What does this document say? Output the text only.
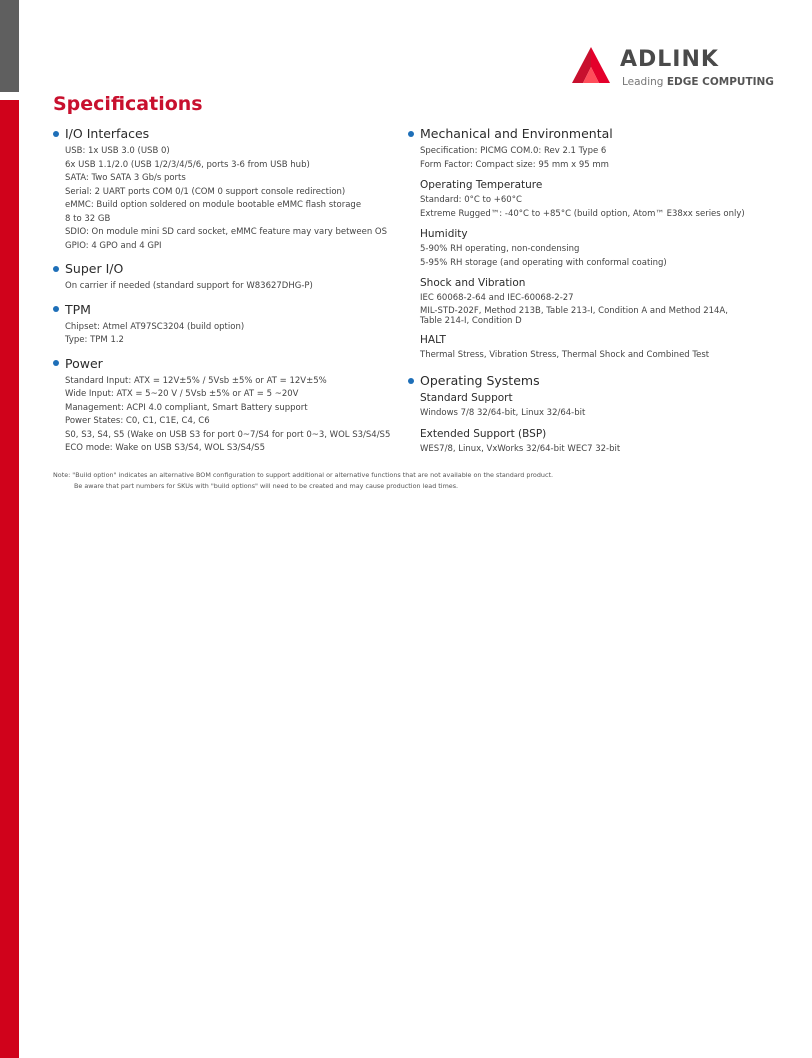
ADLINK
Leading EDGE COMPUTING
Specifications
I/O Interfaces
USB: 1x USB 3.0 (USB 0)
6x USB 1.1/2.0 (USB 1/2/3/4/5/6, ports 3-6 from USB hub)
SATA: Two SATA 3 Gb/s ports
Serial: 2 UART ports COM 0/1 (COM 0 support console redirection)
eMMC: Build option soldered on module bootable eMMC flash storage
8 to 32 GB
SDIO: On module mini SD card socket, eMMC feature may vary between OS
GPIO: 4 GPO and 4 GPI
Super I/O
On carrier if needed (standard support for W83627DHG-P)
TPM
Chipset: Atmel AT97SC3204 (build option)
Type: TPM 1.2
Power
Standard Input: ATX = 12V±5% / 5Vsb ±5% or AT = 12V±5%
Wide Input: ATX = 5~20 V / 5Vsb ±5% or AT = 5 ~20V
Management: ACPI 4.0 compliant, Smart Battery support
Power States: C0, C1, C1E, C4, C6
S0, S3, S4, S5 (Wake on USB S3 for port 0~7/S4 for port 0~3, WOL S3/S4/S5
ECO mode: Wake on USB S3/S4, WOL S3/S4/S5
Mechanical and Environmental
Specification: PICMG COM.0: Rev 2.1 Type 6
Form Factor: Compact size: 95 mm x 95 mm
Operating Temperature
Standard: 0°C to +60°C
Extreme Rugged™: -40°C to +85°C (build option, Atom™ E38xx series only)
Humidity
5-90% RH operating, non-condensing
5-95% RH storage (and operating with conformal coating)
Shock and Vibration
IEC 60068-2-64 and IEC-60068-2-27
MIL-STD-202F, Method 213B, Table 213-I, Condition A and Method 214A,
Table 214-I, Condition D
HALT
Thermal Stress, Vibration Stress, Thermal Shock and Combined Test
Operating Systems
Standard Support
Windows 7/8 32/64-bit, Linux 32/64-bit
Extended Support (BSP)
WES7/8, Linux, VxWorks 32/64-bit WEC7 32-bit
Note: "Build option" indicates an alternative BOM configuration to support additional or alternative functions that are not available on the standard product.
Be aware that part numbers for SKUs with "build options" will need to be created and may cause production lead times.
